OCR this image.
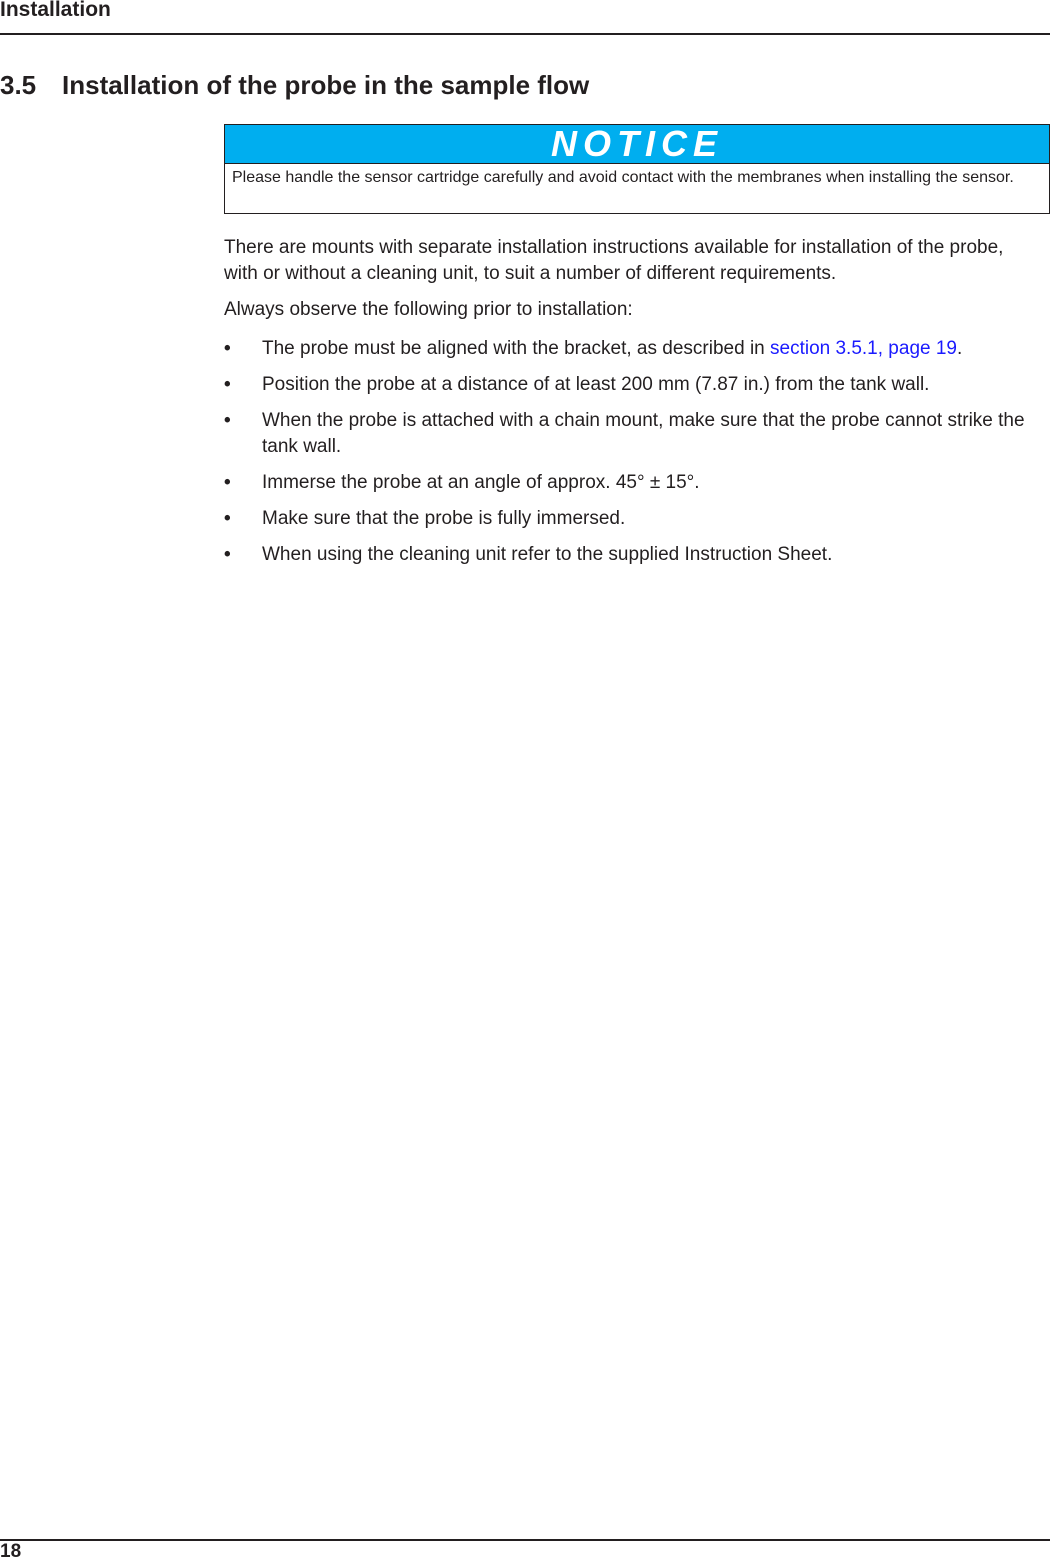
Installation
3.5 Installation of the probe in the sample flow
NOTICE
Please handle the sensor cartridge carefully and avoid contact with the membranes when installing the sensor.

There are mounts with separate installation instructions available for installation of the probe, with or without a cleaning unit, to suit a number of different requirements.

Always observe the following prior to installation:

• The probe must be aligned with the bracket, as described in section 3.5.1, page 19.
• Position the probe at a distance of at least 200 mm (7.87 in.) from the tank wall.
• When the probe is attached with a chain mount, make sure that the probe cannot strike the tank wall.
• Immerse the probe at an angle of approx. 45° ± 15°.
• Make sure that the probe is fully immersed.
• When using the cleaning unit refer to the supplied Instruction Sheet.
18
